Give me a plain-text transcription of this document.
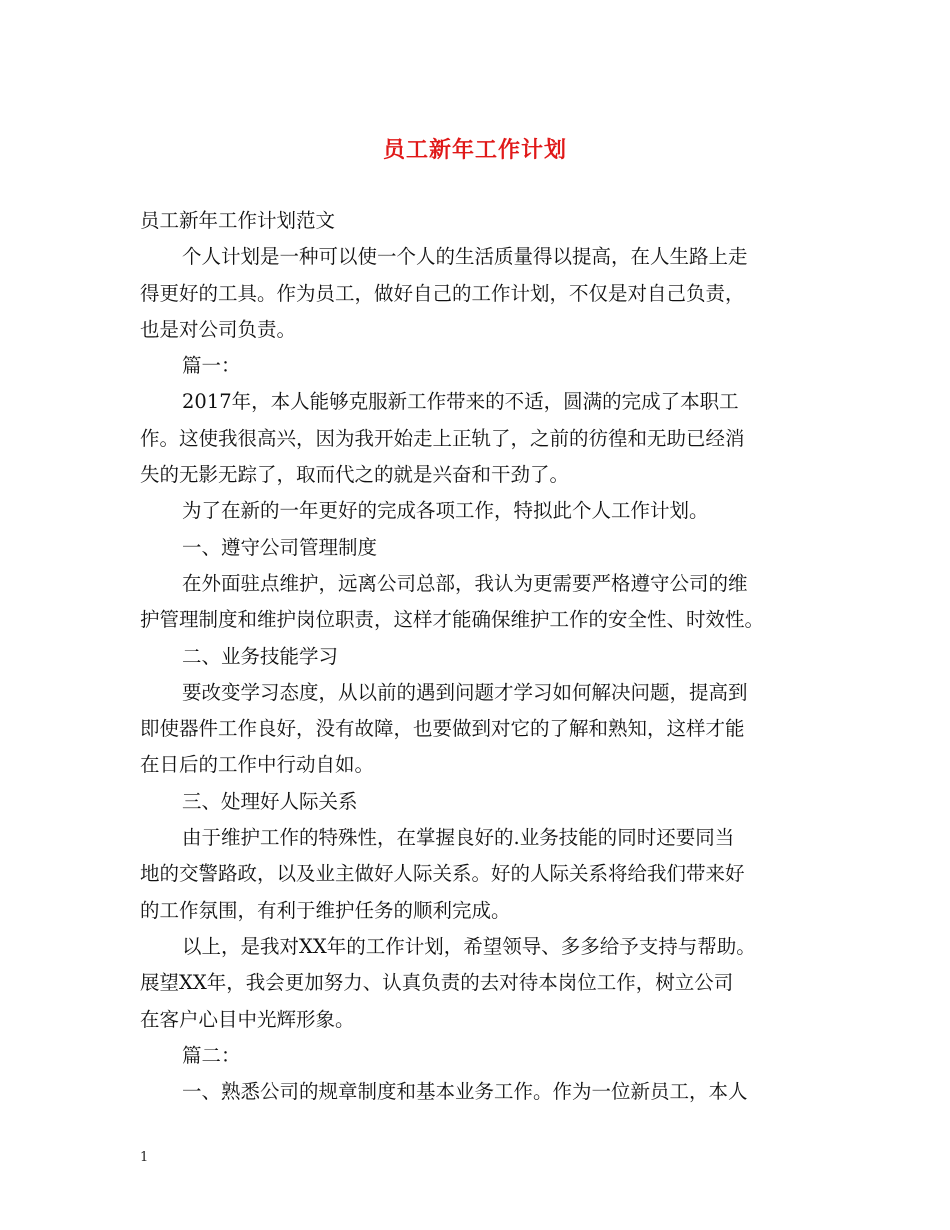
员工新年工作计划
员工新年工作计划范文
个人计划是一种可以使一个人的生活质量得以提高，在人生路上走
得更好的工具。作为员工，做好自己的工作计划，不仅是对自己负责，
也是对公司负责。
篇一：
2017年，本人能够克服新工作带来的不适，圆满的完成了本职工
作。这使我很高兴，因为我开始走上正轨了，之前的彷徨和无助已经消
失的无影无踪了，取而代之的就是兴奋和干劲了。
为了在新的一年更好的完成各项工作，特拟此个人工作计划。
一、遵守公司管理制度
在外面驻点维护，远离公司总部，我认为更需要严格遵守公司的维
护管理制度和维护岗位职责，这样才能确保维护工作的安全性、时效性。
二、业务技能学习
要改变学习态度，从以前的遇到问题才学习如何解决问题，提高到
即使器件工作良好，没有故障，也要做到对它的了解和熟知，这样才能
在日后的工作中行动自如。
三、处理好人际关系
由于维护工作的特殊性，在掌握良好的.业务技能的同时还要同当
地的交警路政，以及业主做好人际关系。好的人际关系将给我们带来好
的工作氛围，有利于维护任务的顺利完成。
以上，是我对XX年的工作计划，希望领导、多多给予支持与帮助。
展望XX年，我会更加努力、认真负责的去对待本岗位工作，树立公司
在客户心目中光辉形象。
篇二：
一、熟悉公司的规章制度和基本业务工作。作为一位新员工，本人
1
